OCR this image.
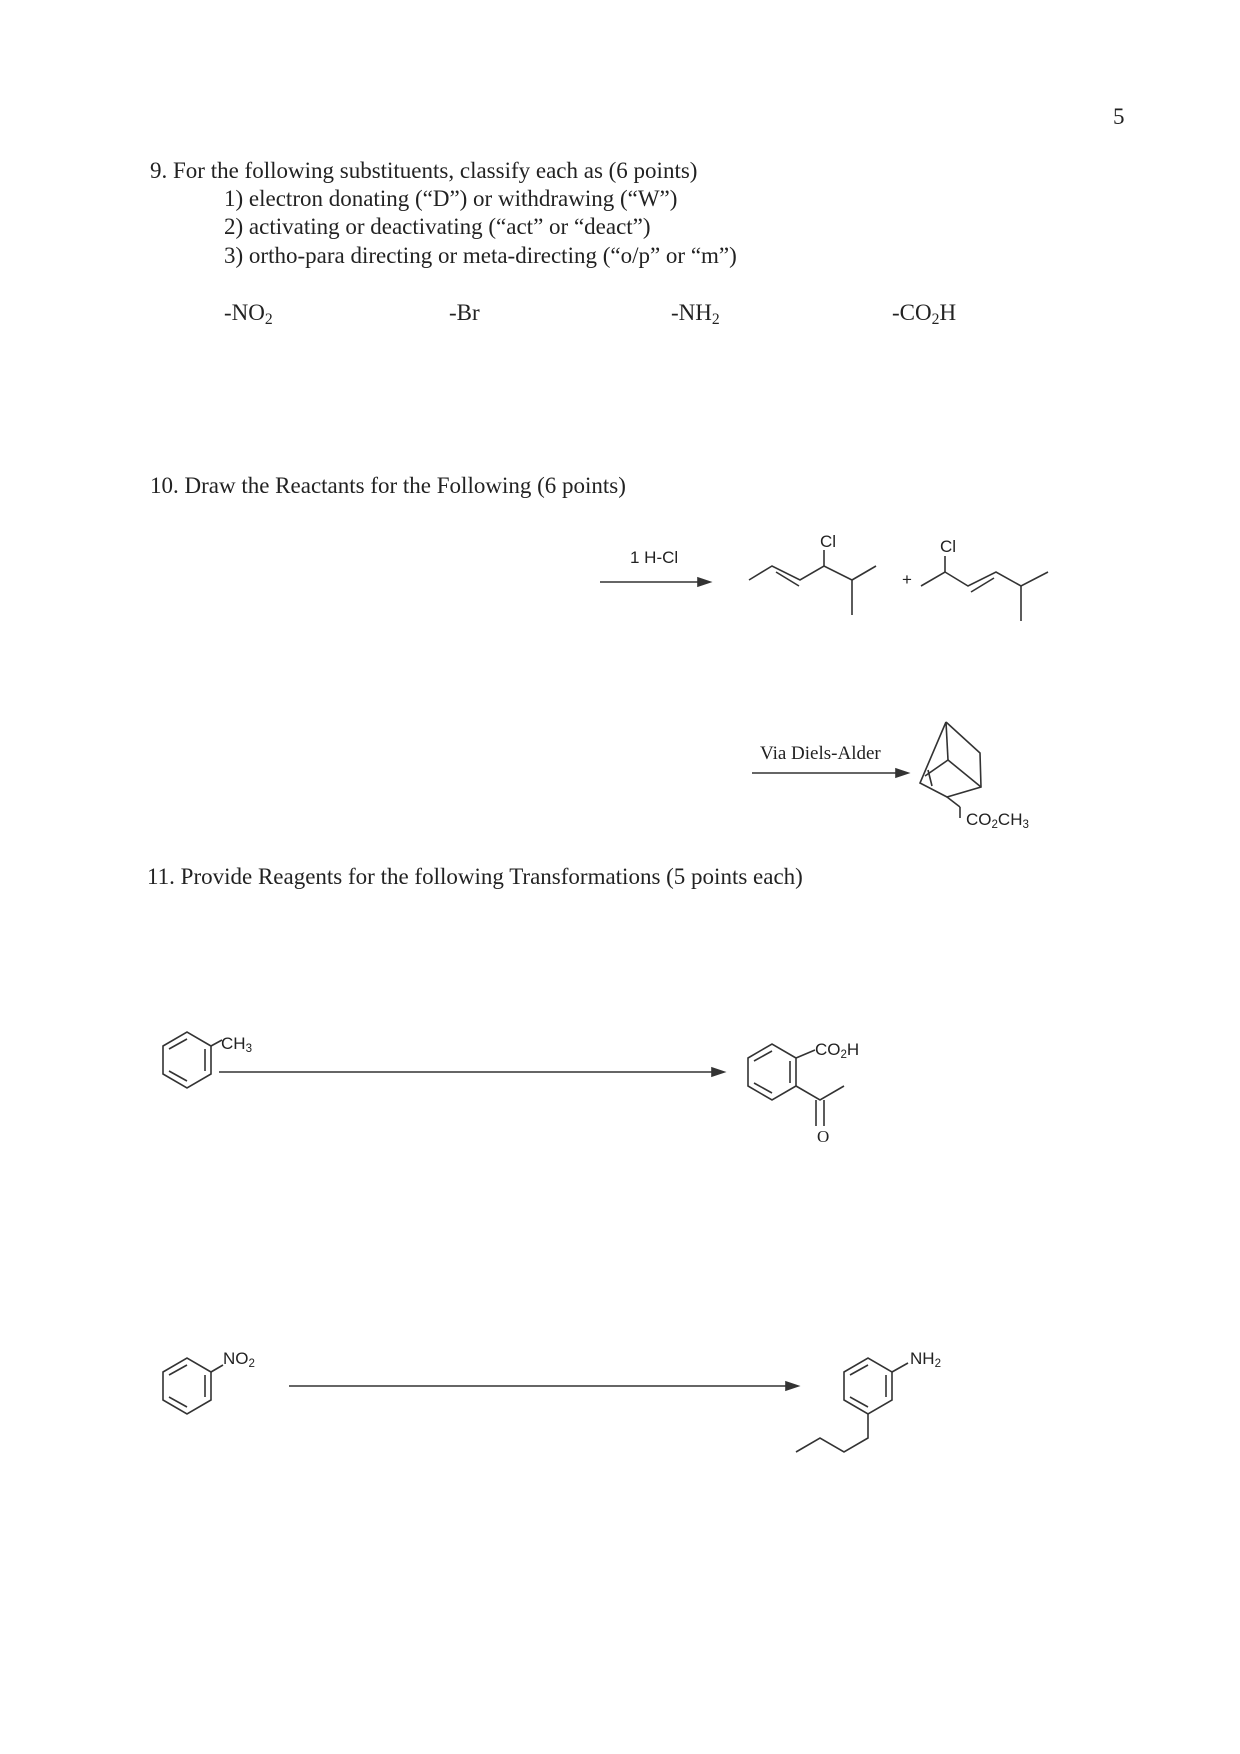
5
9. For the following substituents, classify each as (6 points)
1) electron donating (“D”) or withdrawing (“W”)
2) activating or deactivating (“act” or “deact”)
3) ortho-para directing or meta-directing (“o/p” or “m”)
$-NO_2$	-Br	$-NH_2$	$-CO_2H$
10. Draw the Reactants for the Following (6 points)
1 H-Cl
Cl	Cl
+
Via Diels-Alder
$CO_2CH_3$
11. Provide Reagents for the following Transformations (5 points each)
$CH_3$	$CO_2H$
O
$NO_2$	$NH_2$
